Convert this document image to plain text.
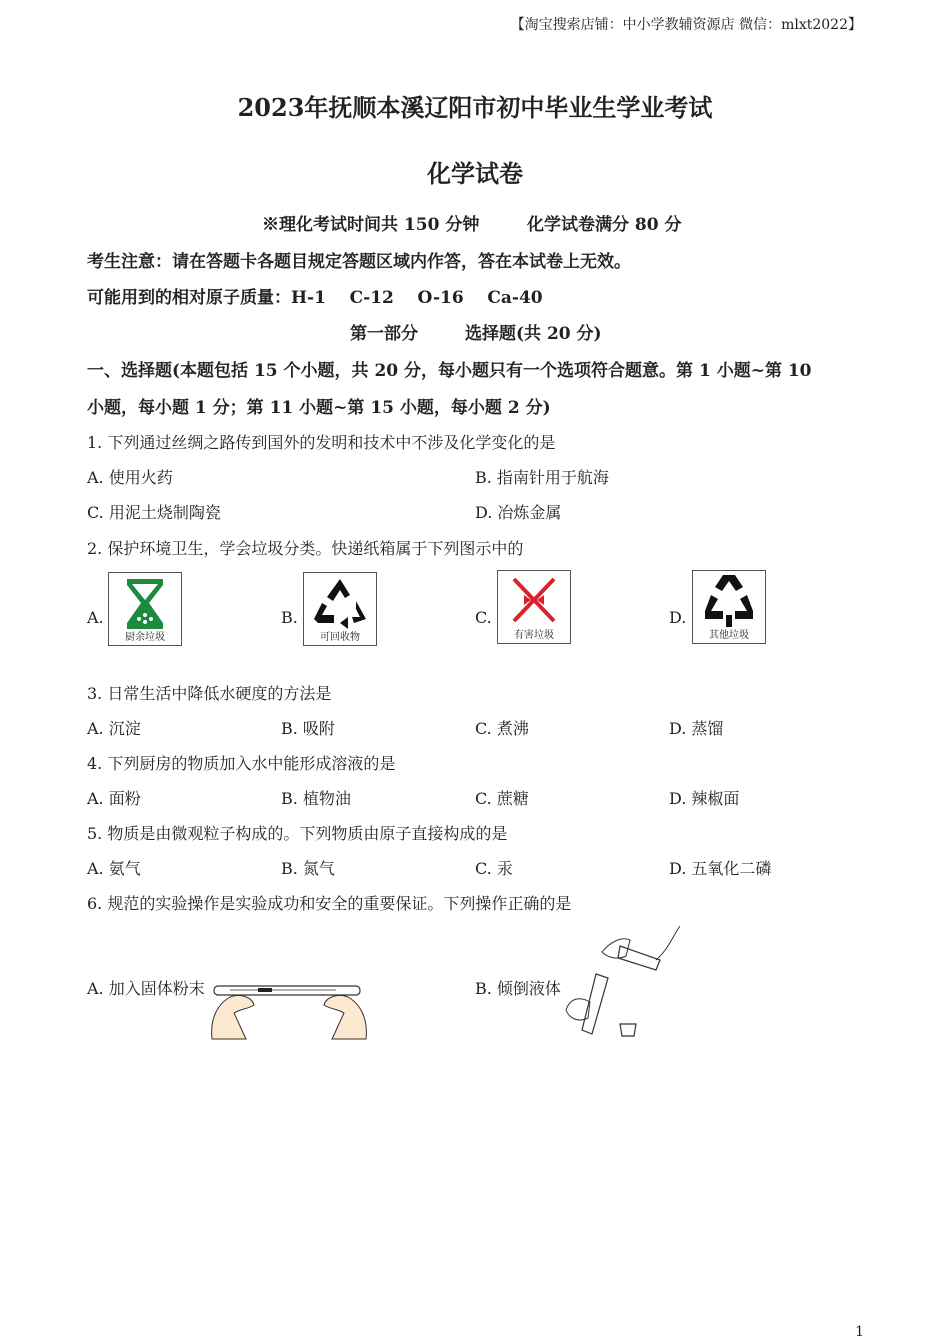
【淘宝搜索店铺：中小学教辅资源店 微信：mlxt2022】
2023年抚顺本溪辽阳市初中毕业生学业考试
化学试卷
※理化考试时间共 150 分钟	化学试卷满分 80 分
考生注意：请在答题卡各题目规定答题区域内作答，答在本试卷上无效。
可能用到的相对原子质量：H-1    C-12    O-16    Ca-40
第一部分	选择题(共 20 分)
一、选择题(本题包括 15 个小题，共 20 分，每小题只有一个选项符合题意。第 1 小题~第 10
小题，每小题 1 分；第 11 小题~第 15 小题，每小题 2 分)
1. 下列通过丝绸之路传到国外的发明和技术中不涉及化学变化的是
A. 使用火药	B. 指南针用于航海
C. 用泥土烧制陶瓷	D. 冶炼金属
2. 保护环境卫生，学会垃圾分类。快递纸箱属于下列图示中的
A.
厨余垃圾
B.
可回收物
C.
有害垃圾
D.
其他垃圾
3. 日常生活中降低水硬度的方法是
A. 沉淀	B. 吸附	C. 煮沸	D. 蒸馏
4. 下列厨房的物质加入水中能形成溶液的是
A. 面粉	B. 植物油	C. 蔗糖	D. 辣椒面
5. 物质是由微观粒子构成的。下列物质由原子直接构成的是
A. 氨气	B. 氮气	C. 汞	D. 五氧化二磷
6. 规范的实验操作是实验成功和安全的重要保证。下列操作正确的是
A. 加入固体粉末	B. 倾倒液体
1
